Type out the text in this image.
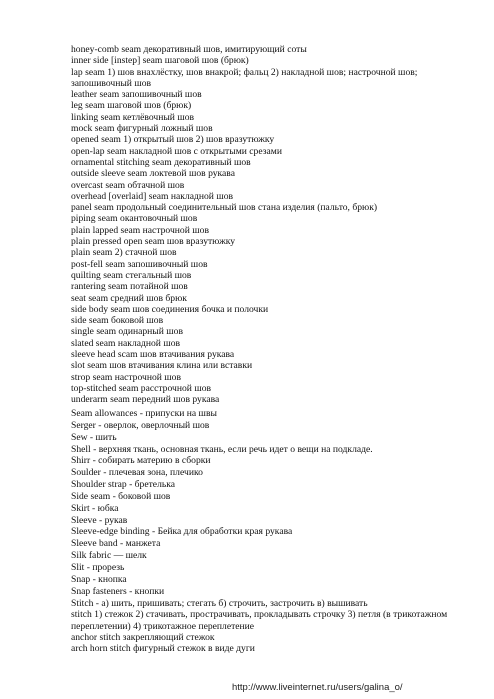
honey-comb seam декоративный шов, имитирующий соты
inner side [instep] seam шаговой шов (брюк)
lap seam 1) шов внахлёстку, шов внакрой; фальц 2) накладной шов; настрочной шов;
запошивочный шов
leather seam запошивочный шов
leg seam шаговой шов (брюк)
linking seam кетлёвочный шов
mock seam фигурный ложный шов
opened seam 1) открытый шов 2) шов вразутюжку
open-lap seam накладной шов с открытыми срезами
ornamental stitching seam декоративный шов
outside sleeve seam локтевой шов рукава
overcast seam обтачной шов
overhead [overlaid] seam накладной шов
panel seam продольный соединительный шов стана изделия (пальто, брюк)
piping seam окантовочный шов
plain lapped seam настрочной шов
plain pressed open seam шов вразутюжку
plain seam 2) стачной шов
post-fell seam запошивочный шов
quilting seam стегальный шов
rantering seam потайной шов
seat seam средний шов брюк
side body seam шов соединения бочка и полочки
side seam боковой шов
single seam одинарный шов
slated seam накладной шов
sleeve head scam шов втачивания рукава
slot seam шов втачивания клина или вставки
strop seam настрочной шов
top-stitched seam расстрочной шов
underarm seam передний шов рукава
Seam allowances - припуски на швы
Serger - оверлок, оверлочный шов
Sew - шить
Shell - верхняя ткань, основная ткань, если речь идет о вещи на подкладе.
Shirr - собирать материю в сборки
Soulder - плечевая зона, плечико
Shoulder strap - бретелька
Side seam - боковой шов
Skirt - юбка
Sleeve - рукав
Sleeve-edge binding - Бейка для обработки края рукава
Sleeve band - манжета
Silk fabric — шелк
Slit - прорезь
Snap - кнопка
Snap fasteners - кнопки
Stitch - а) шить, пришивать; стегать б) строчить, застрочить в) вышивать
stitch 1) стежок 2) стачивать, прострачивать, прокладывать строчку 3) петля (в трикотажном
переплетении) 4) трикотажное переплетение
anchor stitch закрепляющий стежок
arch horn stitch фигурный стежок в виде дуги
http://www.liveinternet.ru/users/galina_o/
